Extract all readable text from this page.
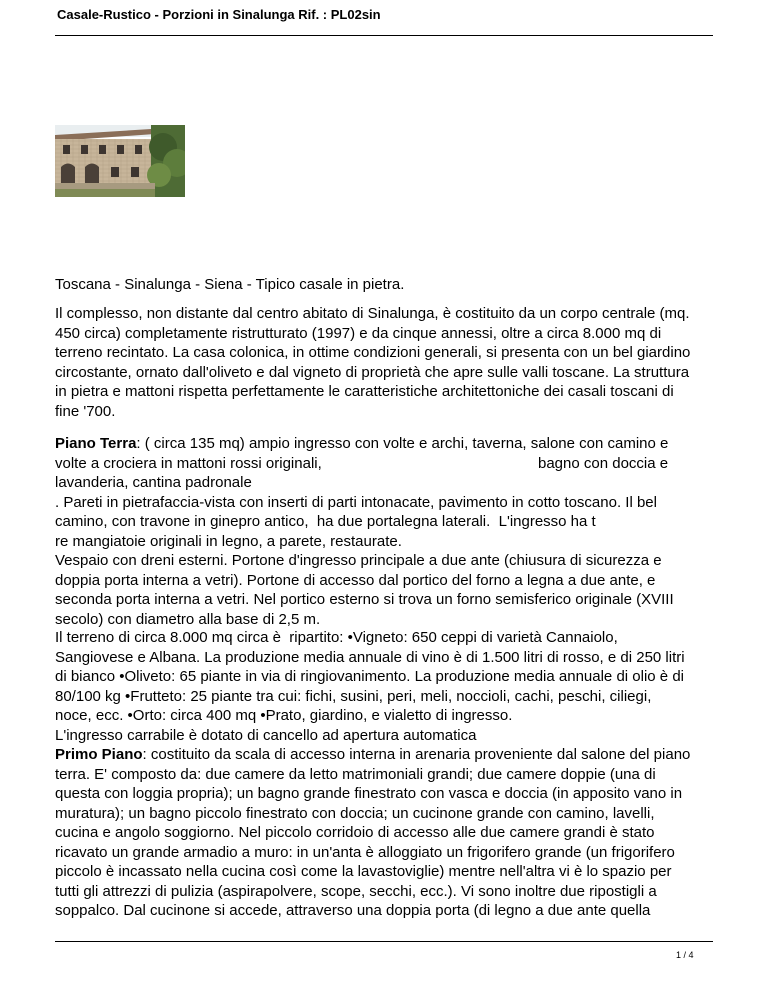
Casale-Rustico - Porzioni in Sinalunga Rif. : PL02sin
Toscana - Sinalunga - Siena - Tipico casale in pietra.
Il complesso, non distante dal centro abitato di Sinalunga, è costituito da un corpo centrale (mq.
450 circa) completamente ristrutturato (1997) e da cinque annessi, oltre a circa 8.000 mq di
terreno recintato. La casa colonica, in ottime condizioni generali, si presenta con un bel giardino
circostante, ornato dall'oliveto e dal vigneto di proprietà che apre sulle valli toscane. La struttura
in pietra e mattoni rispetta perfettamente le caratteristiche architettoniche dei casali toscani di
fine '700.
Piano Terra: ( circa 135 mq) ampio ingresso con volte e archi, taverna, salone con camino e
volte a crociera in mattoni rossi originali,	bagno con doccia e
lavanderia, cantina padronale
. Pareti in pietrafaccia-vista con inserti di parti intonacate, pavimento in cotto toscano. Il bel
camino, con travone in ginepro antico,  ha due portalegna laterali.  L'ingresso ha t
re mangiatoie originali in legno, a parete, restaurate.
Vespaio con dreni esterni. Portone d'ingresso principale a due ante (chiusura di sicurezza e
doppia porta interna a vetri). Portone di accesso dal portico del forno a legna a due ante, e
seconda porta interna a vetri. Nel portico esterno si trova un forno semisferico originale (XVIII
secolo) con diametro alla base di 2,5 m.
Il terreno di circa 8.000 mq circa è  ripartito: •Vigneto: 650 ceppi di varietà Cannaiolo,
Sangiovese e Albana. La produzione media annuale di vino è di 1.500 litri di rosso, e di 250 litri
di bianco •Oliveto: 65 piante in via di ringiovanimento. La produzione media annuale di olio è di
80/100 kg •Frutteto: 25 piante tra cui: fichi, susini, peri, meli, noccioli, cachi, peschi, ciliegi,
noce, ecc. •Orto: circa 400 mq •Prato, giardino, e vialetto di ingresso.
L'ingresso carrabile è dotato di cancello ad apertura automatica
Primo Piano: costituito da scala di accesso interna in arenaria proveniente dal salone del piano
terra. E' composto da: due camere da letto matrimoniali grandi; due camere doppie (una di
questa con loggia propria); un bagno grande finestrato con vasca e doccia (in apposito vano in
muratura); un bagno piccolo finestrato con doccia; un cucinone grande con camino, lavelli,
cucina e angolo soggiorno. Nel piccolo corridoio di accesso alle due camere grandi è stato
ricavato un grande armadio a muro: in un'anta è alloggiato un frigorifero grande (un frigorifero
piccolo è incassato nella cucina così come la lavastoviglie) mentre nell'altra vi è lo spazio per
tutti gli attrezzi di pulizia (aspirapolvere, scope, secchi, ecc.). Vi sono inoltre due ripostigli a
soppalco. Dal cucinone si accede, attraverso una doppia porta (di legno a due ante quella
1 / 4
